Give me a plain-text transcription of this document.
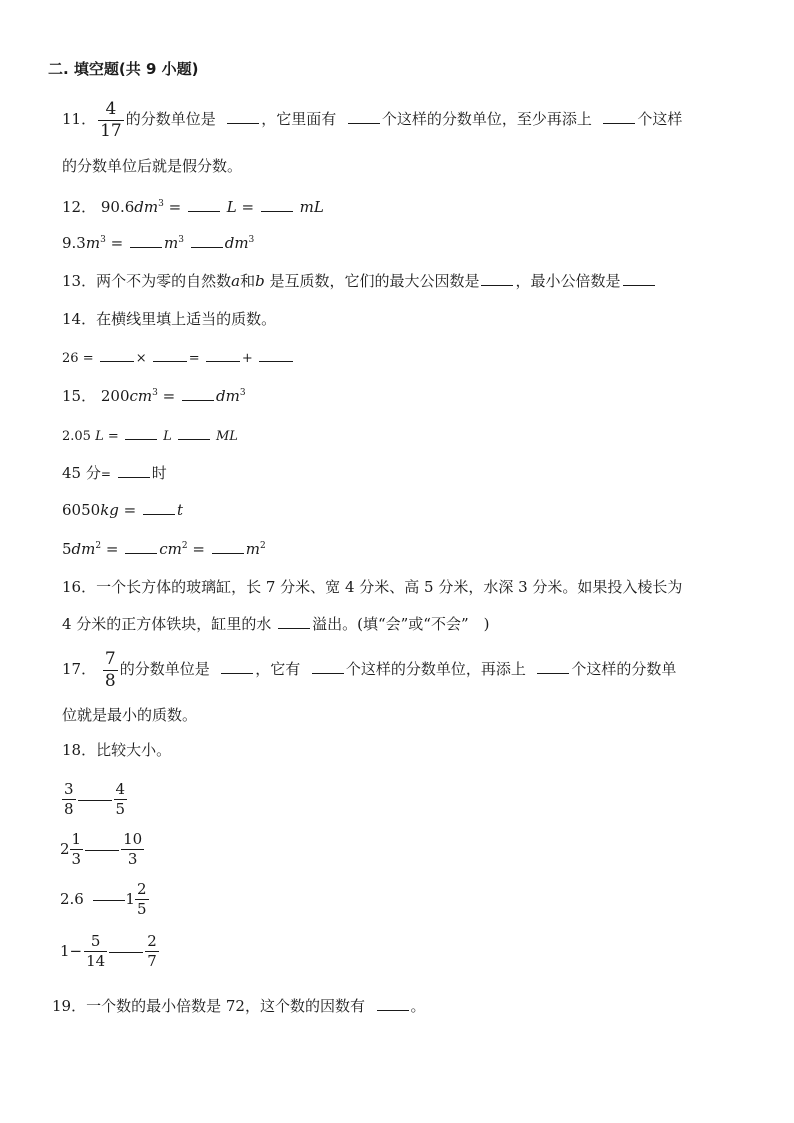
二. 填空题(共 9 小题)
11． $\frac{4}{17}$ 的分数单位是	，它里面有	个这样的分数单位，至少再添上	个这样
的分数单位后就是假分数。
12． $90.6dm^3$ =	L =	mL
$9.3m^3$ =	$m^3$	$dm^3$
13．两个不为零的自然数a和b 是互质数，它们的最大公因数是 ，最小公倍数是
14．在横线里填上适当的质数。
26 =	×	=	+
15． $200cm^3$ =	$dm^3$
2.05 L =	L	ML
45 分=	时
6050kg =	t
$5dm^2$ =	$cm^2$ =	$m^2$
16．一个长方体的玻璃缸，长 7 分米、宽 4 分米、高 5 分米，水深 3 分米。如果投入棱长为
4 分米的正方体铁块，缸里的水	溢出。(填“会”或“不会”　)
17． $\frac{7}{8}$ 的分数单位是	，它有	个这样的分数单位，再添上	个这样的分数单
位就是最小的质数。
18．比较大小。
$\frac{3}{8}$	$\frac{4}{5}$
$2 \frac{1}{3}$	$\frac{10}{3}$
2.6	$1 \frac{2}{5}$
$1- \frac{5}{14}$	$\frac{2}{7}$
19．一个数的最小倍数是 72，这个数的因数有	。
